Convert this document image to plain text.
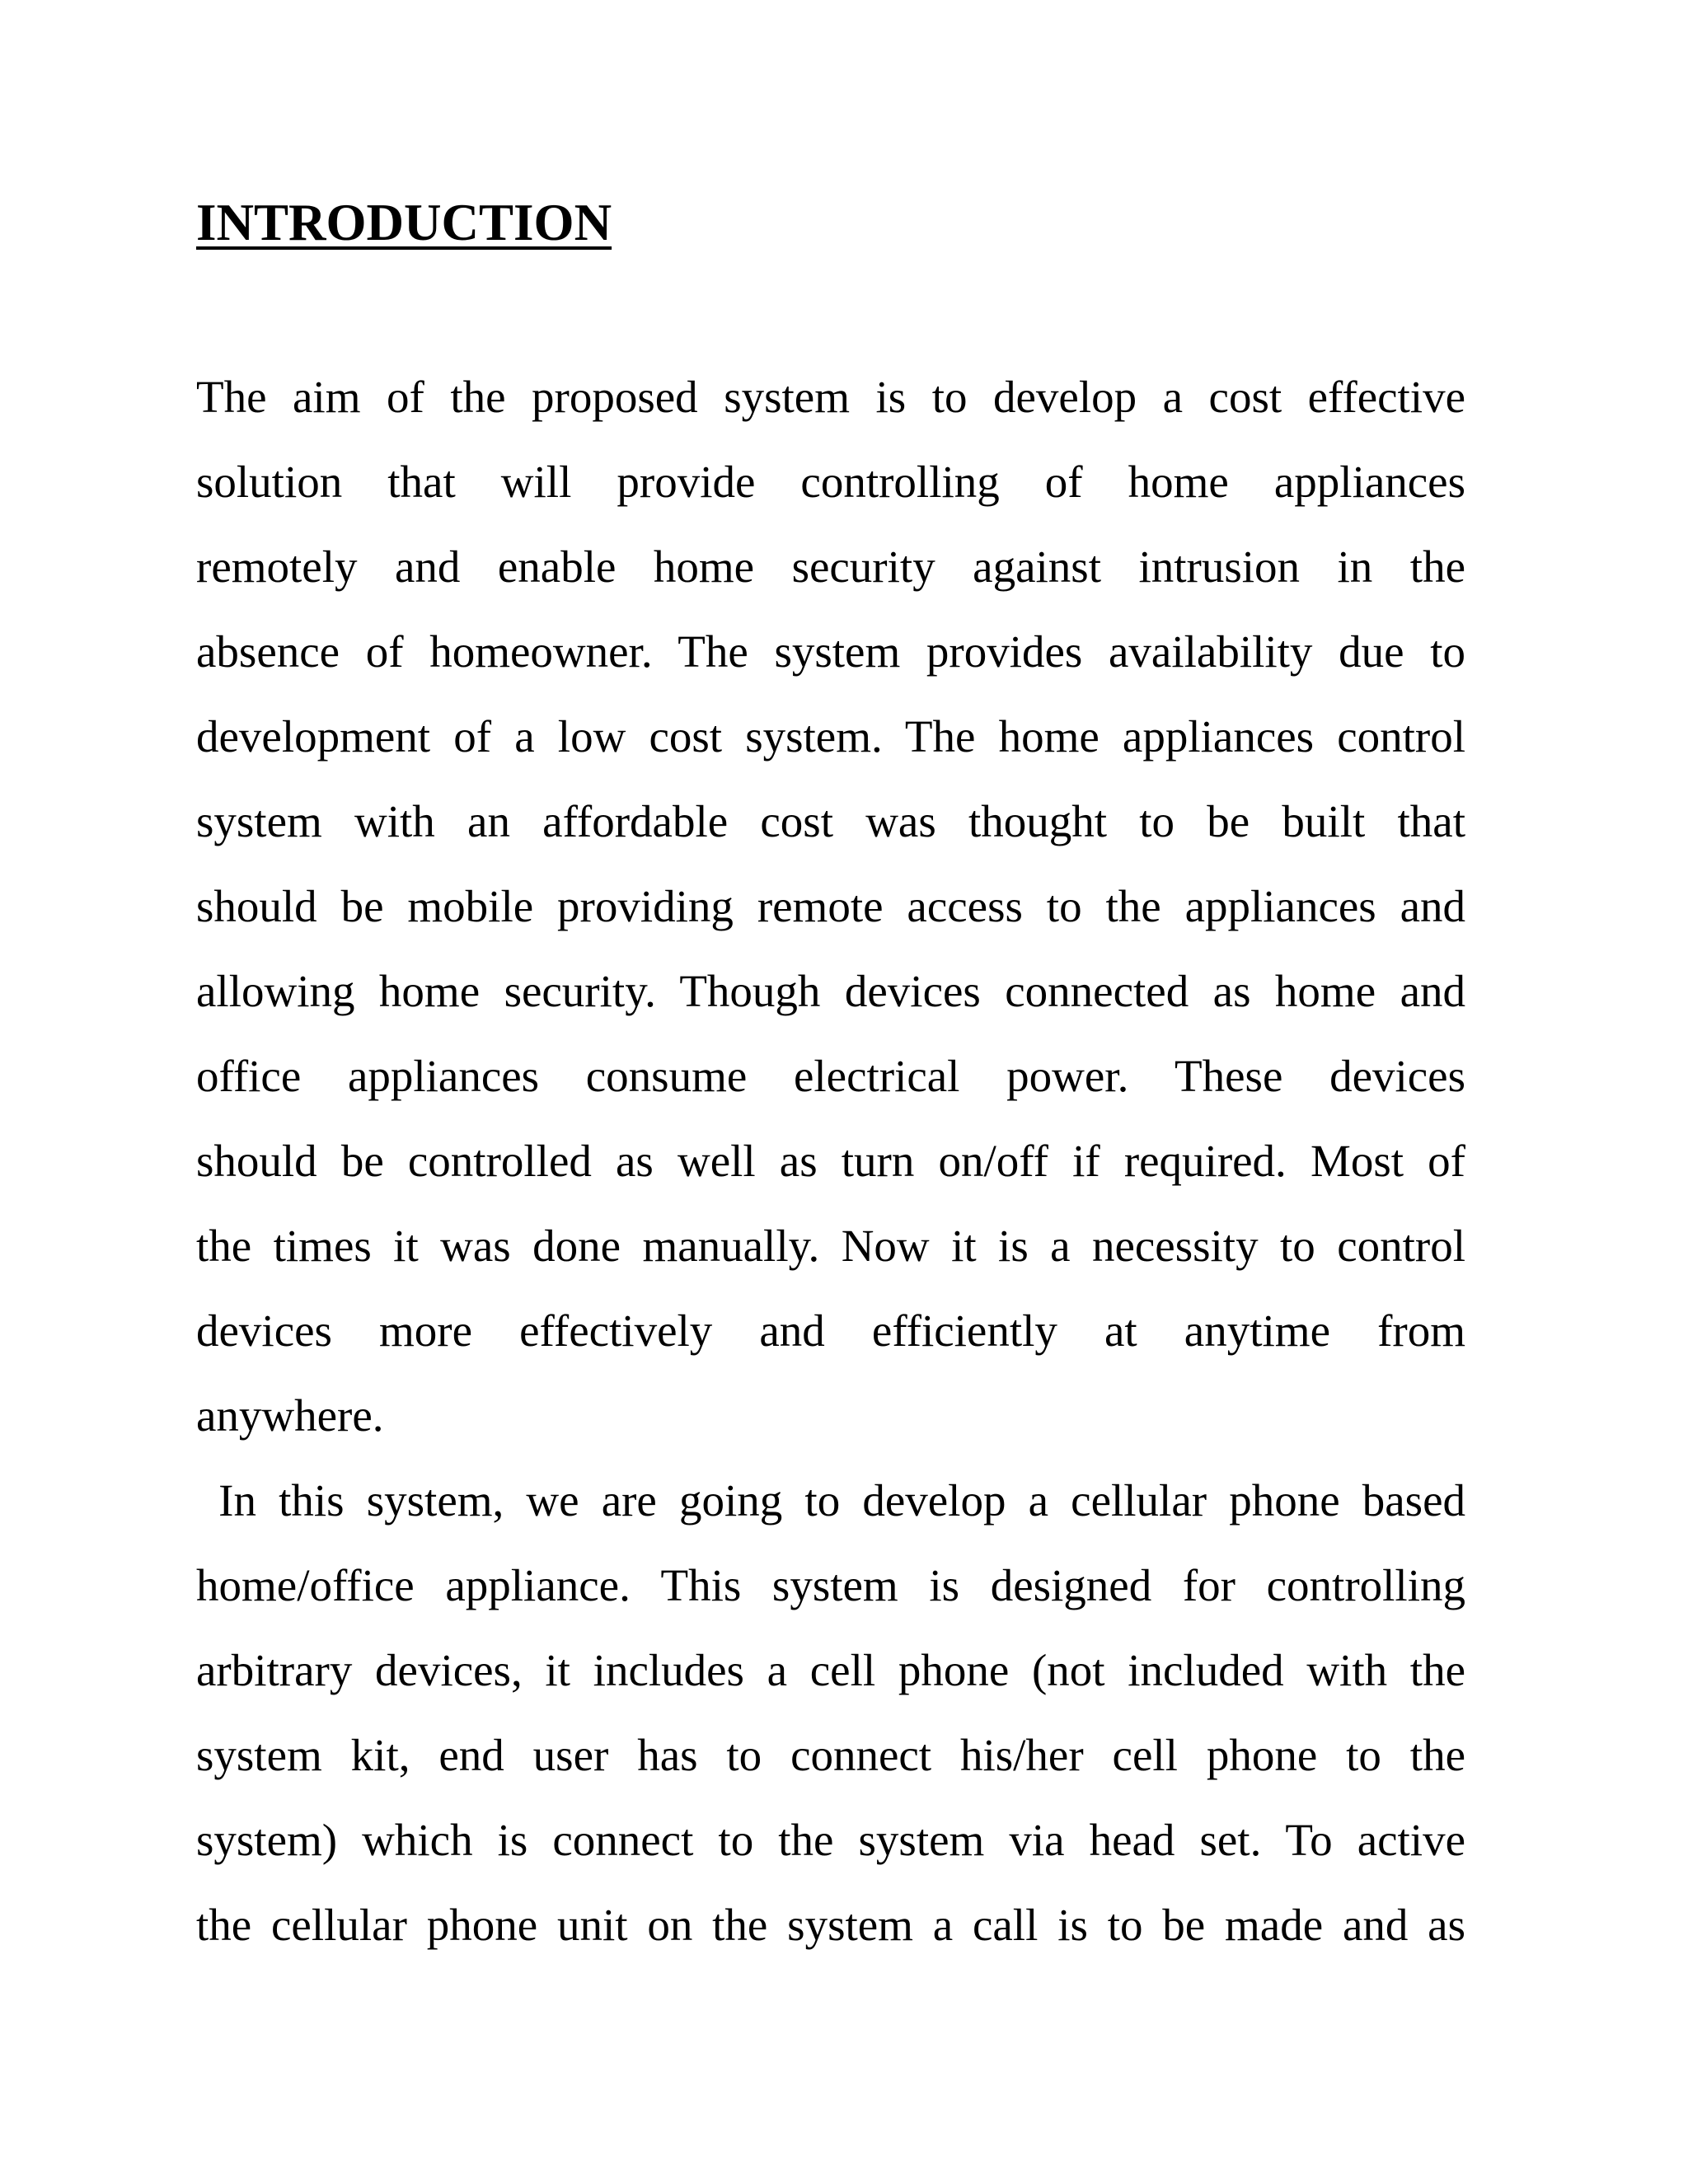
INTRODUCTION
The aim of the proposed system is to develop a cost effective
solution that will provide controlling of home appliances
remotely and enable home security against intrusion in the
absence of homeowner. The system provides availability due to
development of a low cost system. The home appliances control
system with an affordable cost was thought to be built that
should be mobile providing remote access to the appliances and
allowing home security. Though devices connected as home and
office appliances consume electrical power. These devices
should be controlled as well as turn on/off if required. Most of
the times it was done manually. Now it is a necessity to control
devices more effectively and efficiently at anytime from
anywhere.
In this system, we are going to develop a cellular phone based
home/office appliance. This system is designed for controlling
arbitrary devices, it includes a cell phone (not included with the
system kit, end user has to connect his/her cell phone to the
system) which is connect to the system via head set. To active
the cellular phone unit on the system a call is to be made and as
